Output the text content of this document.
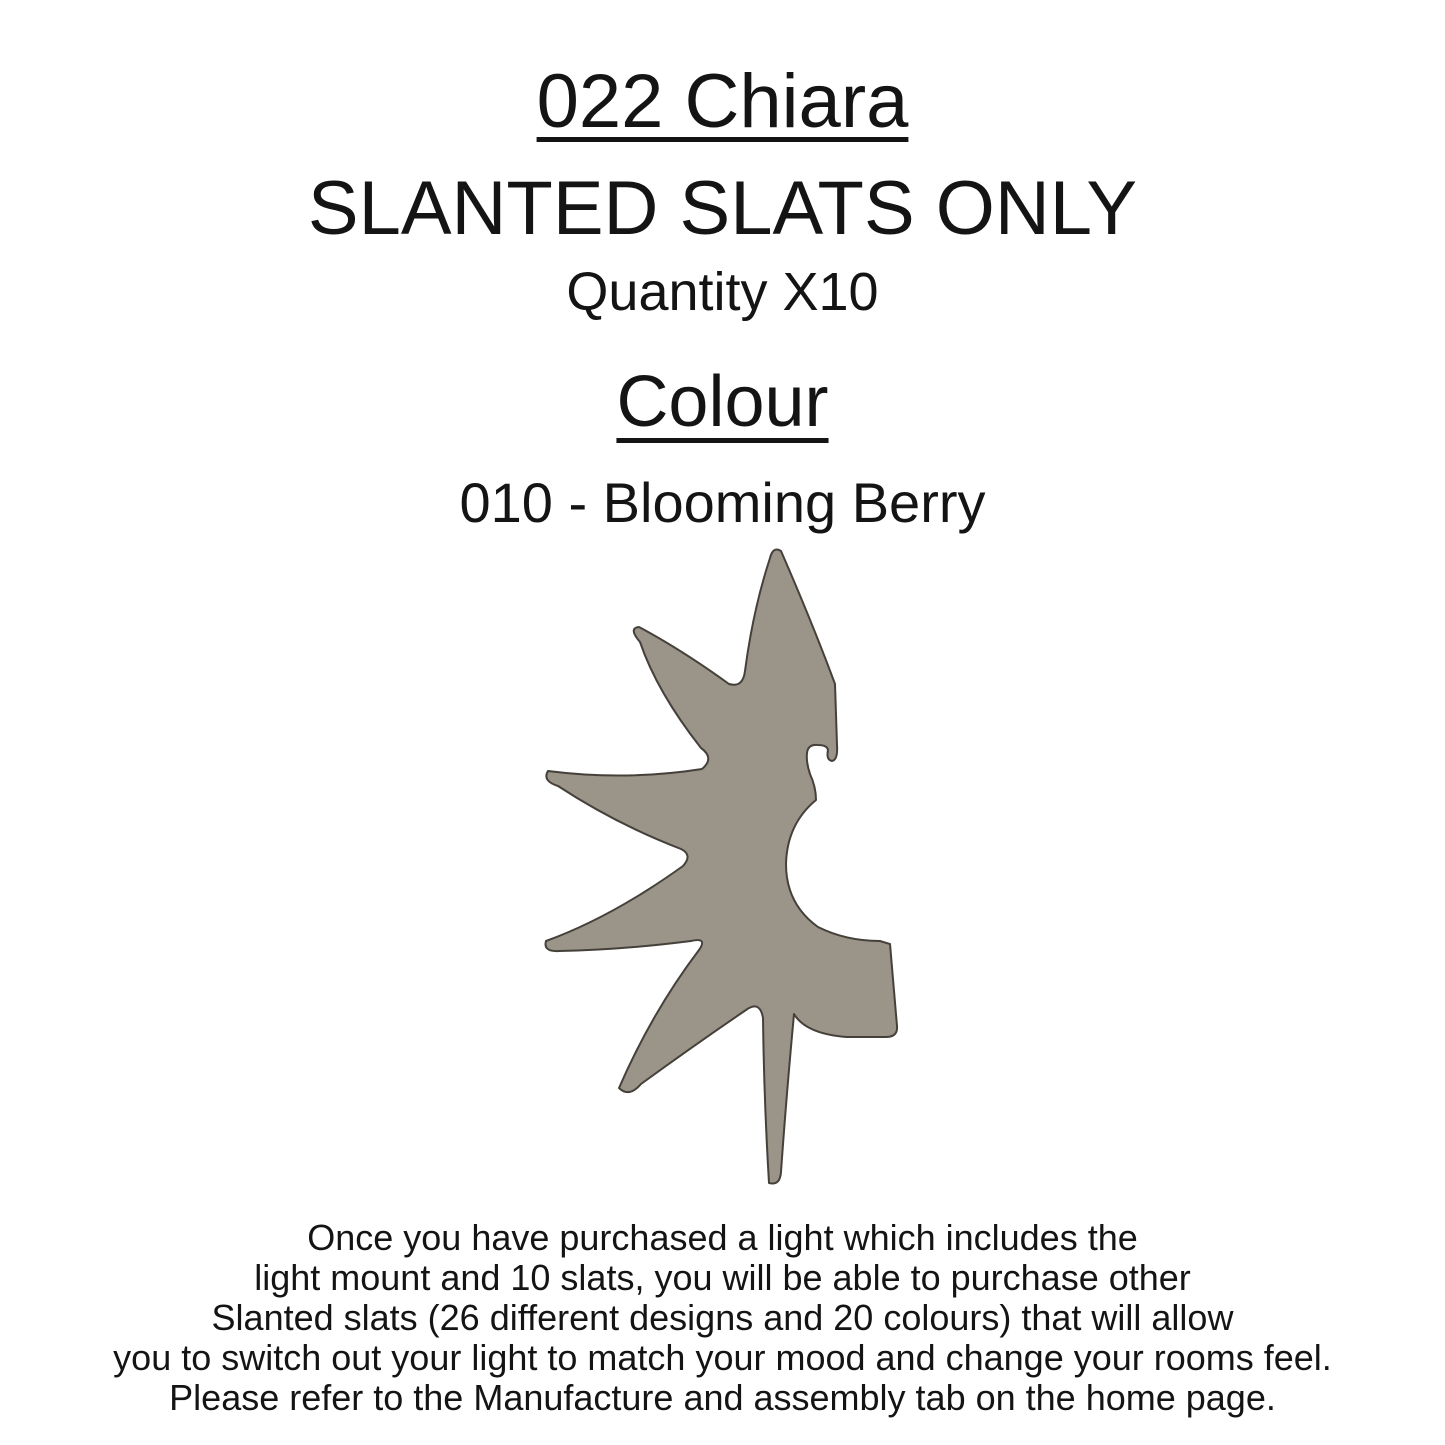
022 Chiara
SLANTED SLATS ONLY
Quantity X10
Colour
010 - Blooming Berry
Once you have purchased a light which includes the
light mount and 10 slats, you will be able to purchase other
Slanted slats (26 different designs and 20 colours) that will allow
you to switch out your light to match your mood and change your rooms feel.
Please refer to the Manufacture and assembly tab on the home page.
